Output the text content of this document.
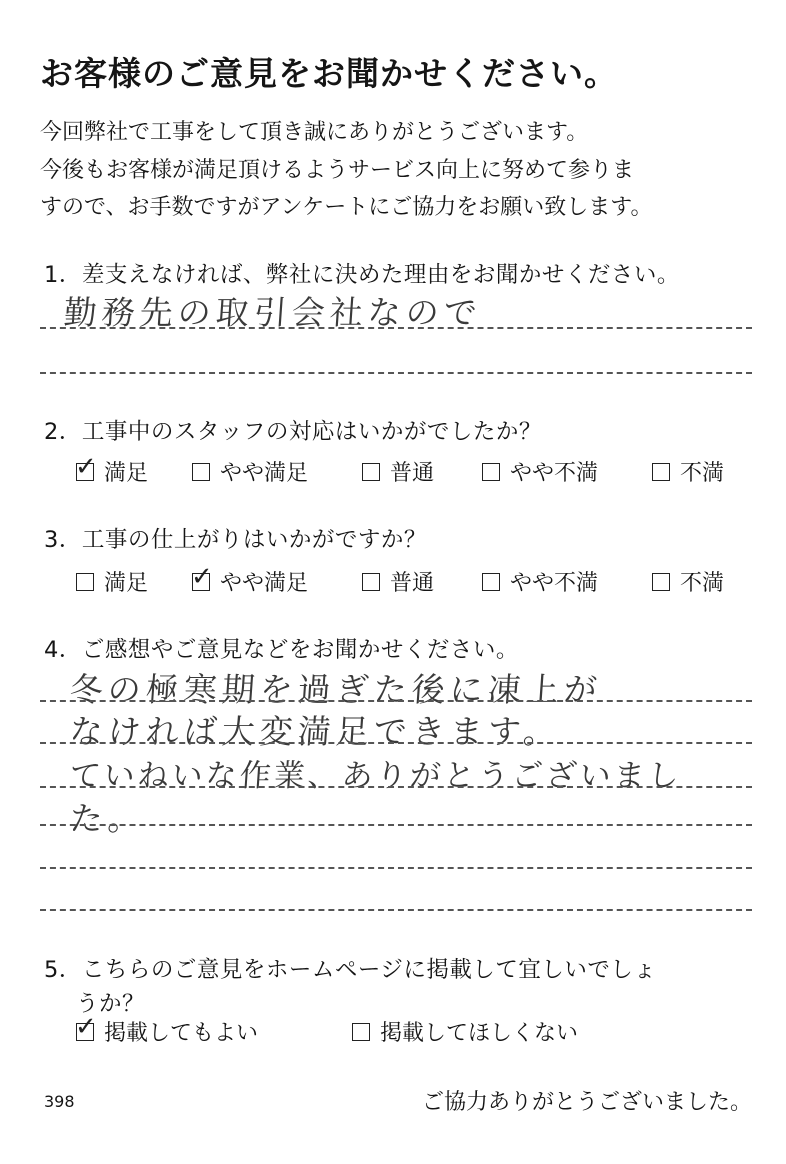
お客様のご意見をお聞かせください。
今回弊社で工事をして頂き誠にありがとうございます。
今後もお客様が満足頂けるようサービス向上に努めて参りま
すので、お手数ですがアンケートにご協力をお願い致します。
1．差支えなければ、弊社に決めた理由をお聞かせください。
勤務先の取引会社なので
2．工事中のスタッフの対応はいかがでしたか？
✓ 満足	やや満足	普通	やや不満	不満
3．工事の仕上がりはいかがですか？
満足 ✓ やや満足	普通	やや不満	不満
4．ご感想やご意見などをお聞かせください。
冬の極寒期を過ぎた後に凍上が
なければ大変満足できます。
ていねいな作業、ありがとうございまし
た。
5．こちらのご意見をホームページに掲載して宜しいでしょ
うか？
✓ 掲載してもよい	掲載してほしくない
398	ご協力ありがとうございました。
